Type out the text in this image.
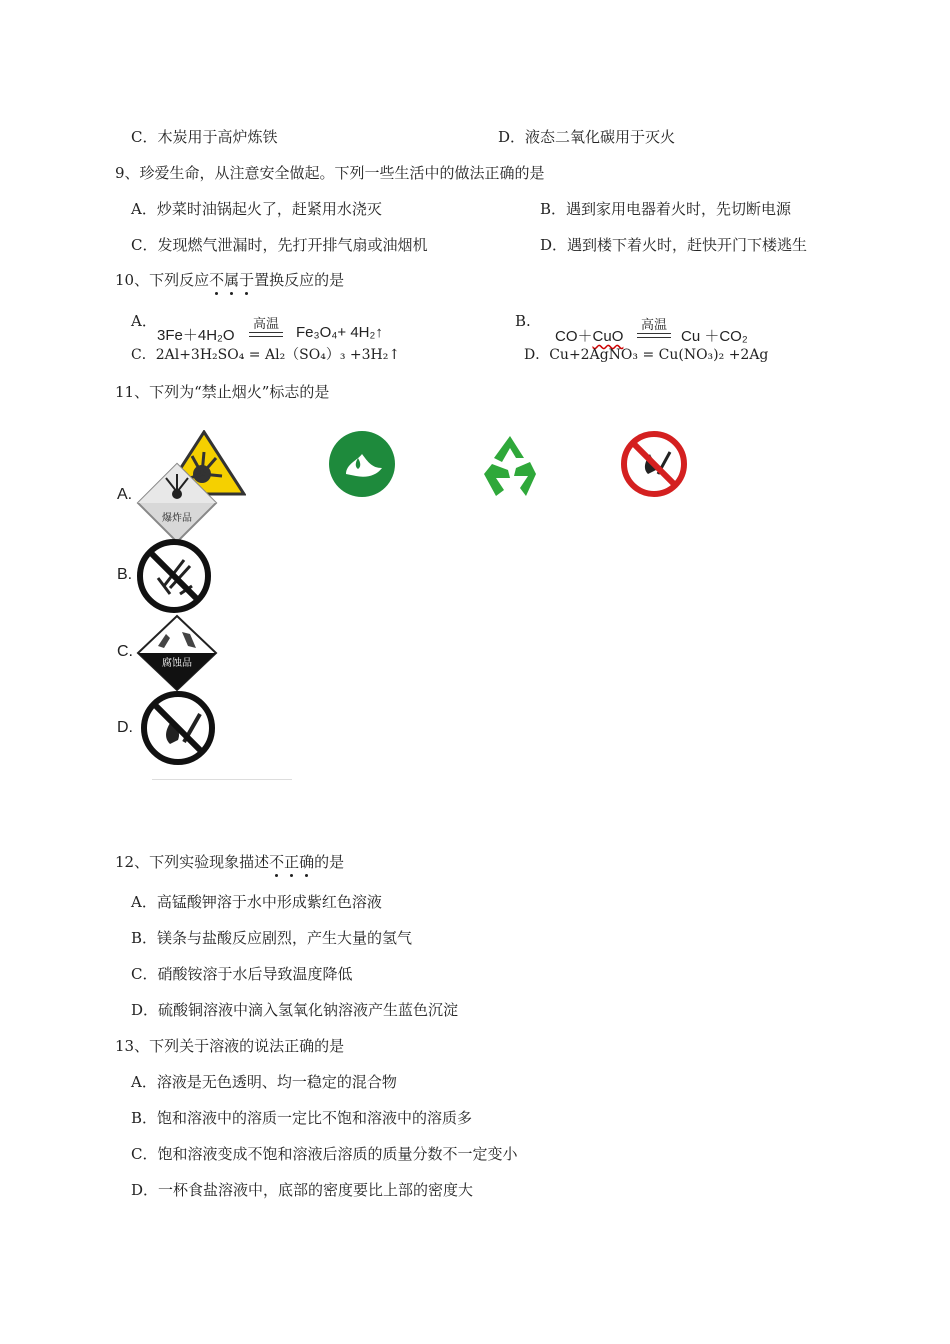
C．木炭用于高炉炼铁	D．液态二氧化碳用于灭火
9、珍爱生命，从注意安全做起。下列一些生活中的做法正确的是
A．炒菜时油锅起火了，赶紧用水浇灭	B．遇到家用电器着火时，先切断电源
C．发现燃气泄漏时，先打开排气扇或油烟机	D．遇到楼下着火时，赶快开门下楼逃生
10、下列反应不属于置换反应的是
A．
3Fe＋4H₂O
高温 Fe₃O₄+ 4H₂↑
B.
CO＋CuO
高温
Cu ＋CO₂
C．2Al+3H₂SO₄ = Al₂（SO₄）₃ +3H₂↑	D．Cu+2AgNO₃ = Cu(NO₃)₂ +2Ag
11、下列为“禁止烟火”标志的是
A.
爆炸品
B.
C.
腐蚀品
D.
12、下列实验现象描述不正确的是
A．高锰酸钾溶于水中形成紫红色溶液
B．镁条与盐酸反应剧烈，产生大量的氢气
C．硝酸铵溶于水后导致温度降低
D．硫酸铜溶液中滴入氢氧化钠溶液产生蓝色沉淀
13、下列关于溶液的说法正确的是
A．溶液是无色透明、均一稳定的混合物
B．饱和溶液中的溶质一定比不饱和溶液中的溶质多
C．饱和溶液变成不饱和溶液后溶质的质量分数不一定变小
D．一杯食盐溶液中，底部的密度要比上部的密度大
